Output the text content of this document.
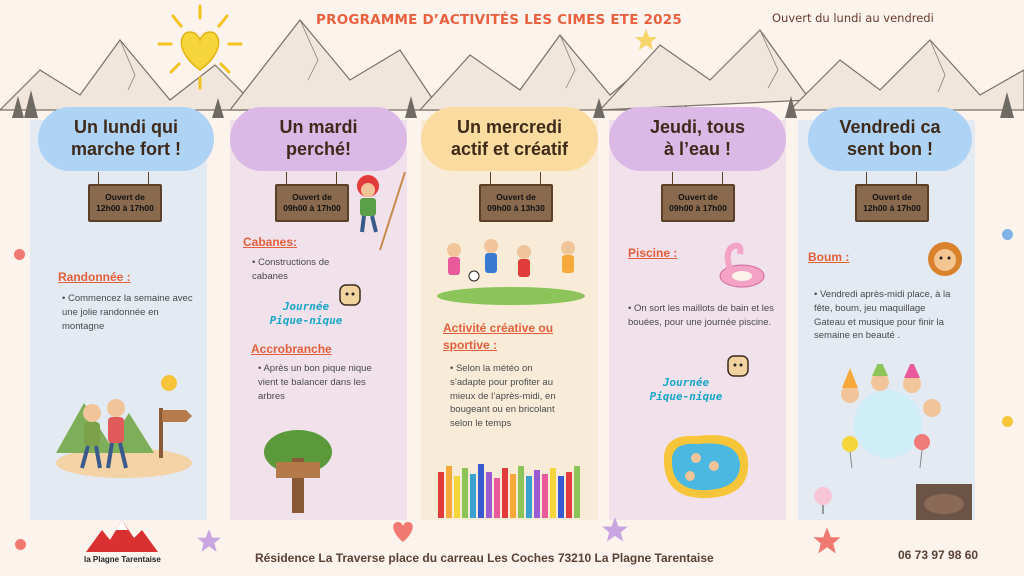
PROGRAMME D’ACTIVITÉS LES CIMES ETE 2025	Ouvert du lundi au vendredi
Un lundi qui
marche fort !
Un mardi
perché!
Un mercredi
actif et créatif
Jeudi, tous
à l’eau !
Vendredi ca
sent bon !
Ouvert de
12h00 à 17h00
Ouvert de
09h00 à 17h00
Ouvert de
09h00 à 13h30
Ouvert de
09h00 à 17h00
Ouvert de
12h00 à 17h00
Randonnée :
• Commencez la semaine avec une jolie randonnée en montagne
Cabanes:
• Constructions de cabanes
Journée
Pique-nique
Accrobranche
• Après un bon pique nique vient te balancer dans les arbres
Activité créative ou sportive :
• Selon la météo on s’adapte pour profiter au mieux de l’après-midi, en bougeant ou en bricolant selon le temps
Piscine :
• On sort les maillots de bain et les bouées, pour une journée piscine.
Journée
Pique-nique
Boum :
• Vendredi après-midi place, à la fête, boum, jeu maquillage Gateau et musique pour finir la semaine en beauté .
la Plagne Tarentaise	Résidence La Traverse place du carreau Les Coches 73210 La Plagne Tarentaise	06 73 97 98 60
